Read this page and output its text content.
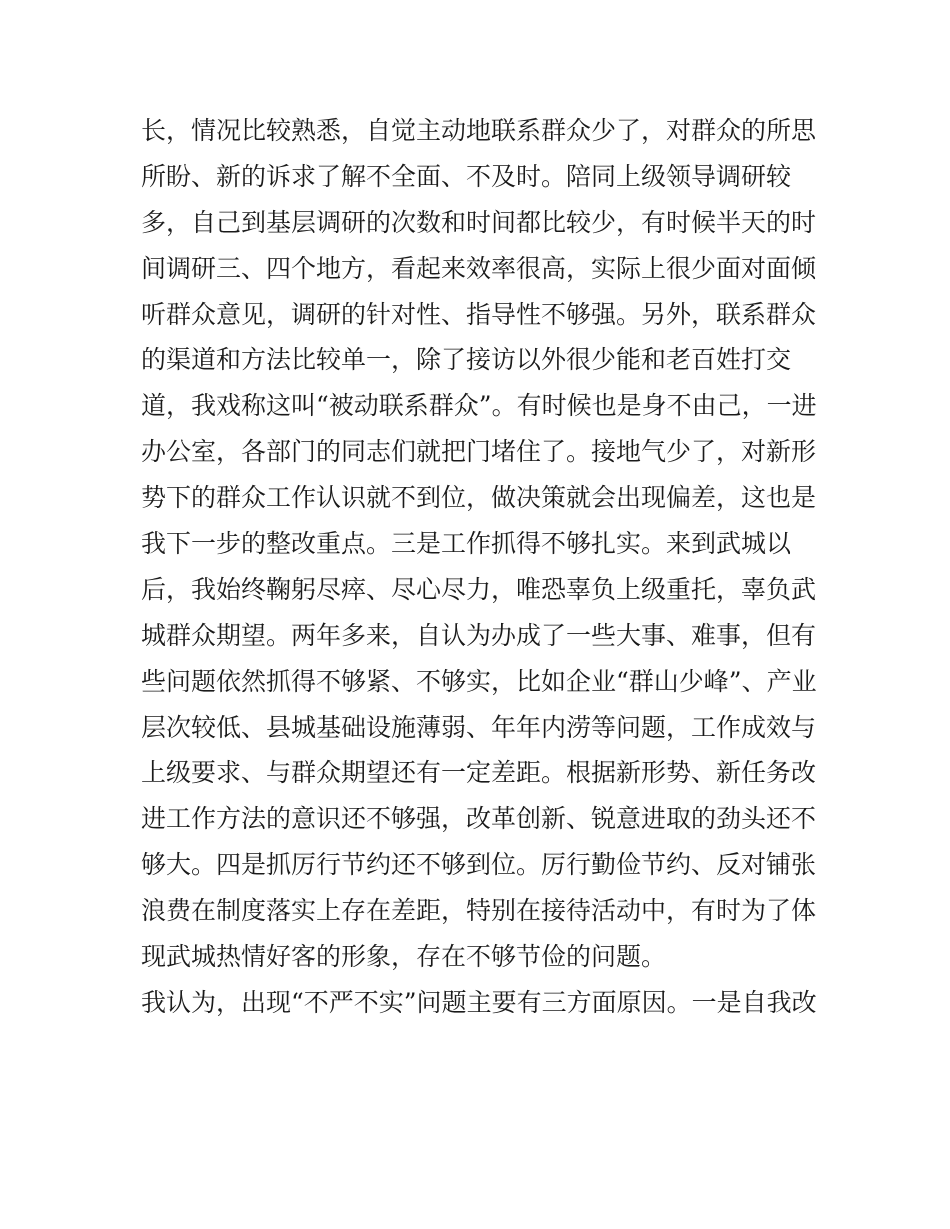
长，情况比较熟悉，自觉主动地联系群众少了，对群众的所思
所盼、新的诉求了解不全面、不及时。陪同上级领导调研较
多，自己到基层调研的次数和时间都比较少，有时候半天的时
间调研三、四个地方，看起来效率很高，实际上很少面对面倾
听群众意见，调研的针对性、指导性不够强。另外，联系群众
的渠道和方法比较单一，除了接访以外很少能和老百姓打交
道，我戏称这叫“被动联系群众”。有时候也是身不由己，一进
办公室，各部门的同志们就把门堵住了。接地气少了，对新形
势下的群众工作认识就不到位，做决策就会出现偏差，这也是
我下一步的整改重点。三是工作抓得不够扎实。来到武城以
后，我始终鞠躬尽瘁、尽心尽力，唯恐辜负上级重托，辜负武
城群众期望。两年多来，自认为办成了一些大事、难事，但有
些问题依然抓得不够紧、不够实，比如企业“群山少峰”、产业
层次较低、县城基础设施薄弱、年年内涝等问题，工作成效与
上级要求、与群众期望还有一定差距。根据新形势、新任务改
进工作方法的意识还不够强，改革创新、锐意进取的劲头还不
够大。四是抓厉行节约还不够到位。厉行勤俭节约、反对铺张
浪费在制度落实上存在差距，特别在接待活动中，有时为了体
现武城热情好客的形象，存在不够节俭的问题。
我认为，出现“不严不实”问题主要有三方面原因。一是自我改
